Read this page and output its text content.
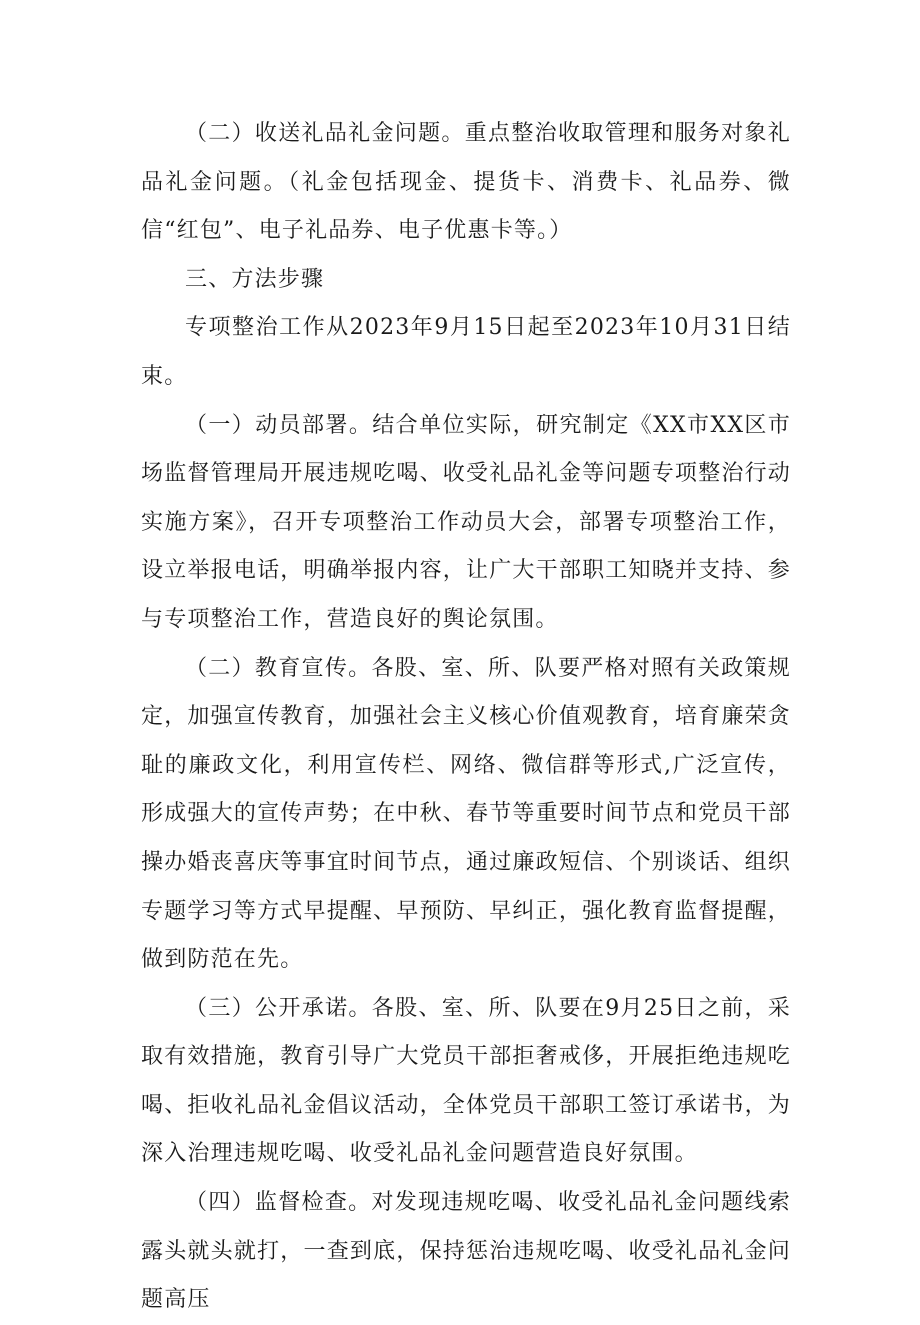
（二）收送礼品礼金问题。重点整治收取管理和服务对象礼品礼金问题。（礼金包括现金、提货卡、消费卡、礼品券、微信“红包”、电子礼品券、电子优惠卡等。）

三、方法步骤

专项整治工作从2023年9月15日起至2023年10月31日结束。

（一）动员部署。结合单位实际，研究制定《XX市XX区市场监督管理局开展违规吃喝、收受礼品礼金等问题专项整治行动实施方案》，召开专项整治工作动员大会，部署专项整治工作，设立举报电话，明确举报内容，让广大干部职工知晓并支持、参与专项整治工作，营造良好的舆论氛围。

（二）教育宣传。各股、室、所、队要严格对照有关政策规定，加强宣传教育，加强社会主义核心价值观教育，培育廉荣贪耻的廉政文化，利用宣传栏、网络、微信群等形式,广泛宣传，形成强大的宣传声势；在中秋、春节等重要时间节点和党员干部操办婚丧喜庆等事宜时间节点，通过廉政短信、个别谈话、组织专题学习等方式早提醒、早预防、早纠正，强化教育监督提醒，做到防范在先。

（三）公开承诺。各股、室、所、队要在9月25日之前，采取有效措施，教育引导广大党员干部拒奢戒侈，开展拒绝违规吃喝、拒收礼品礼金倡议活动，全体党员干部职工签订承诺书，为深入治理违规吃喝、收受礼品礼金问题营造良好氛围。

（四）监督检查。对发现违规吃喝、收受礼品礼金问题线索露头就头就打，一查到底，保持惩治违规吃喝、收受礼品礼金问题高压
